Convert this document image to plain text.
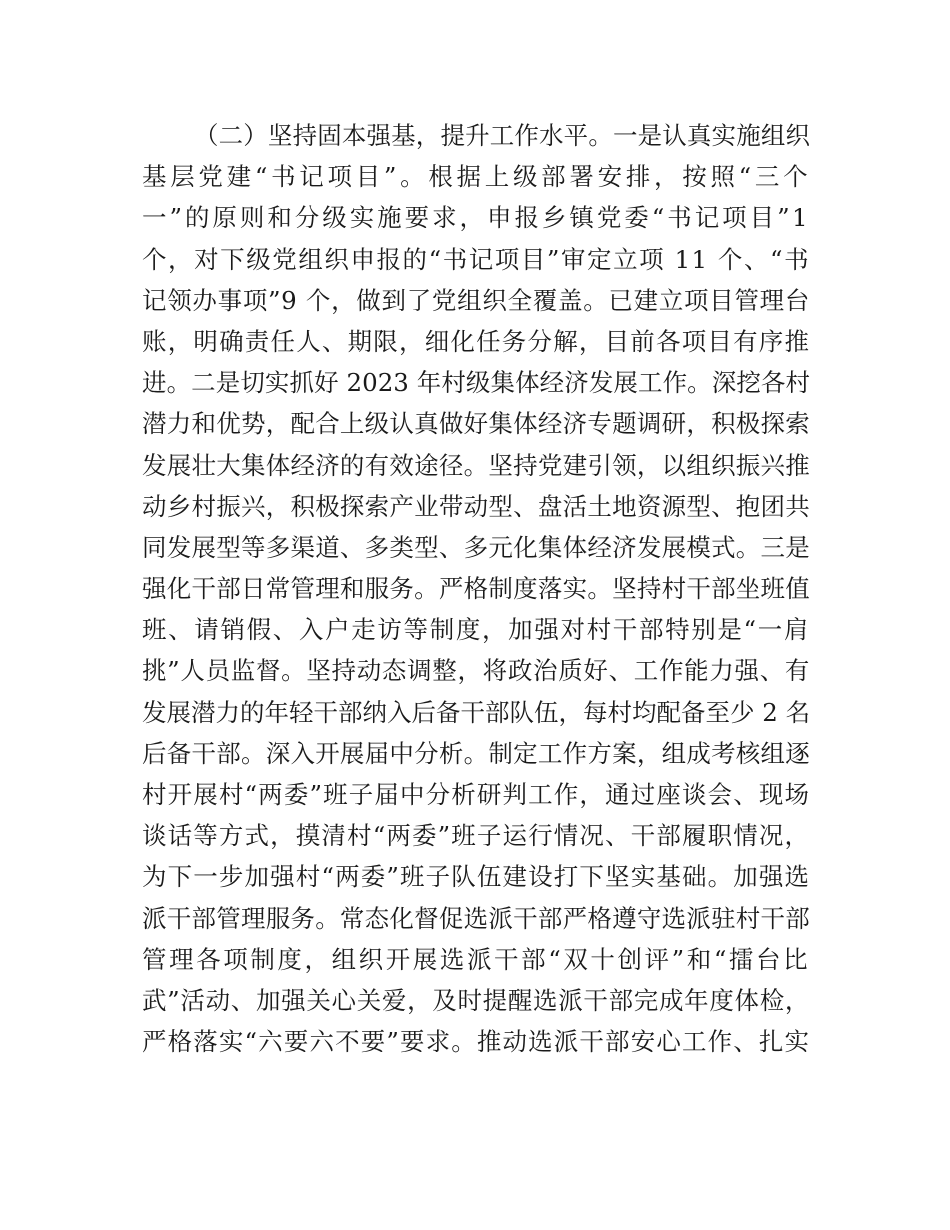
（二）坚持固本强基，提升工作水平。一是认真实施组织
基层党建“书记项目”。根据上级部署安排，按照“三个
一”的原则和分级实施要求，申报乡镇党委“书记项目”1
个，对下级党组织申报的“书记项目”审定立项 11 个、“书
记领办事项”9 个，做到了党组织全覆盖。已建立项目管理台
账，明确责任人、期限，细化任务分解，目前各项目有序推
进。二是切实抓好 2023 年村级集体经济发展工作。深挖各村
潜力和优势，配合上级认真做好集体经济专题调研，积极探索
发展壮大集体经济的有效途径。坚持党建引领，以组织振兴推
动乡村振兴，积极探索产业带动型、盘活土地资源型、抱团共
同发展型等多渠道、多类型、多元化集体经济发展模式。三是
强化干部日常管理和服务。严格制度落实。坚持村干部坐班值
班、请销假、入户走访等制度，加强对村干部特别是“一肩
挑”人员监督。坚持动态调整，将政治质好、工作能力强、有
发展潜力的年轻干部纳入后备干部队伍，每村均配备至少 2 名
后备干部。深入开展届中分析。制定工作方案，组成考核组逐
村开展村“两委”班子届中分析研判工作，通过座谈会、现场
谈话等方式，摸清村“两委”班子运行情况、干部履职情况，
为下一步加强村“两委”班子队伍建设打下坚实基础。加强选
派干部管理服务。常态化督促选派干部严格遵守选派驻村干部
管理各项制度，组织开展选派干部“双十创评”和“擂台比
武”活动、加强关心关爱，及时提醒选派干部完成年度体检，
严格落实“六要六不要”要求。推动选派干部安心工作、扎实
